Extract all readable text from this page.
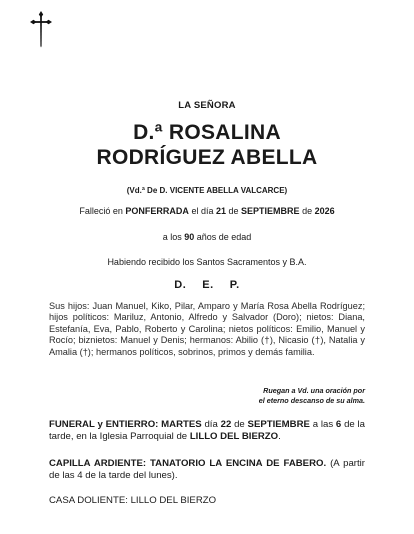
LA SEÑORA
D.ª ROSALINA
RODRÍGUEZ ABELLA
(Vd.ª De D. VICENTE ABELLA VALCARCE)
Falleció en PONFERRADA el día 21 de SEPTIEMBRE de 2026
a los 90 años de edad
Habiendo recibido los Santos Sacramentos y B.A.
D. E. P.
Sus hijos: Juan Manuel, Kiko, Pilar, Amparo y María Rosa Abella Rodríguez; hijos políticos: Mariluz, Antonio, Alfredo y Salvador (Doro); nietos: Diana, Estefanía, Eva, Pablo, Roberto y Carolina; nietos políticos: Emilio, Manuel y Rocío; biznietos: Manuel y Denis; hermanos: Abilio (†), Nicasio (†), Natalia y Amalia (†); hermanos políticos, sobrinos, primos y demás familia.
Ruegan a Vd. una oración por
el eterno descanso de su alma.
FUNERAL y ENTIERRO: MARTES día 22 de SEPTIEMBRE a las 6 de la tarde, en la Iglesia Parroquial de LILLO DEL BIERZO.
CAPILLA ARDIENTE: TANATORIO LA ENCINA DE FABERO. (A partir de las 4 de la tarde del lunes).
CASA DOLIENTE: LILLO DEL BIERZO
